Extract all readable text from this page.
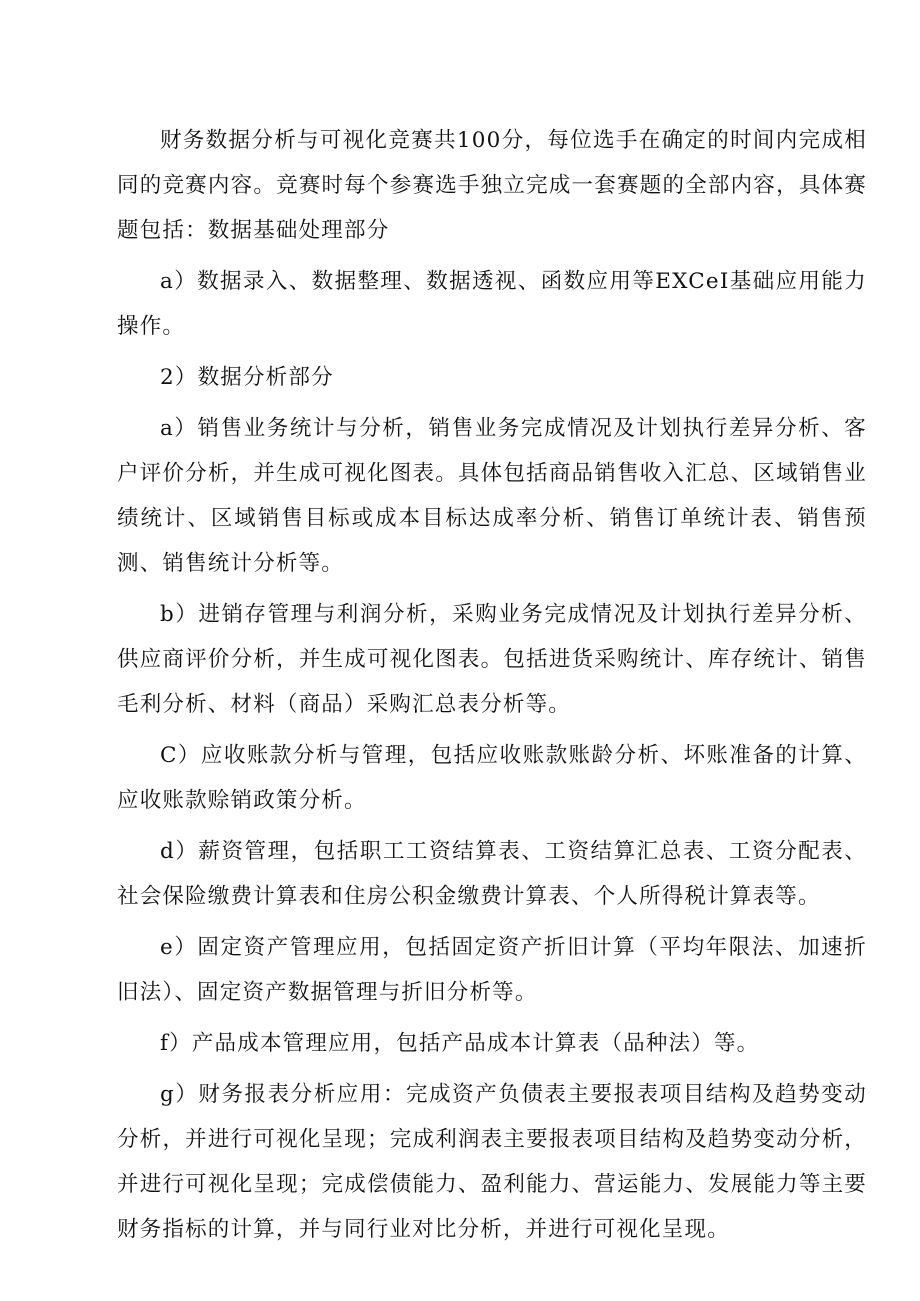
财务数据分析与可视化竞赛共100分，每位选手在确定的时间内完成相同的竞赛内容。竞赛时每个参赛选手独立完成一套赛题的全部内容，具体赛题包括：数据基础处理部分

a）数据录入、数据整理、数据透视、函数应用等EXCeI基础应用能力操作。

2）数据分析部分

a）销售业务统计与分析，销售业务完成情况及计划执行差异分析、客户评价分析，并生成可视化图表。具体包括商品销售收入汇总、区域销售业绩统计、区域销售目标或成本目标达成率分析、销售订单统计表、销售预测、销售统计分析等。

b）进销存管理与利润分析，采购业务完成情况及计划执行差异分析、供应商评价分析，并生成可视化图表。包括进货采购统计、库存统计、销售毛利分析、材料（商品）采购汇总表分析等。

C）应收账款分析与管理，包括应收账款账龄分析、坏账准备的计算、应收账款赊销政策分析。

d）薪资管理，包括职工工资结算表、工资结算汇总表、工资分配表、社会保险缴费计算表和住房公积金缴费计算表、个人所得税计算表等。

e）固定资产管理应用，包括固定资产折旧计算（平均年限法、加速折旧法）、固定资产数据管理与折旧分析等。

f）产品成本管理应用，包括产品成本计算表（品种法）等。

g）财务报表分析应用：完成资产负债表主要报表项目结构及趋势变动分析，并进行可视化呈现；完成利润表主要报表项目结构及趋势变动分析，并进行可视化呈现；完成偿债能力、盈利能力、营运能力、发展能力等主要财务指标的计算，并与同行业对比分析，并进行可视化呈现。
